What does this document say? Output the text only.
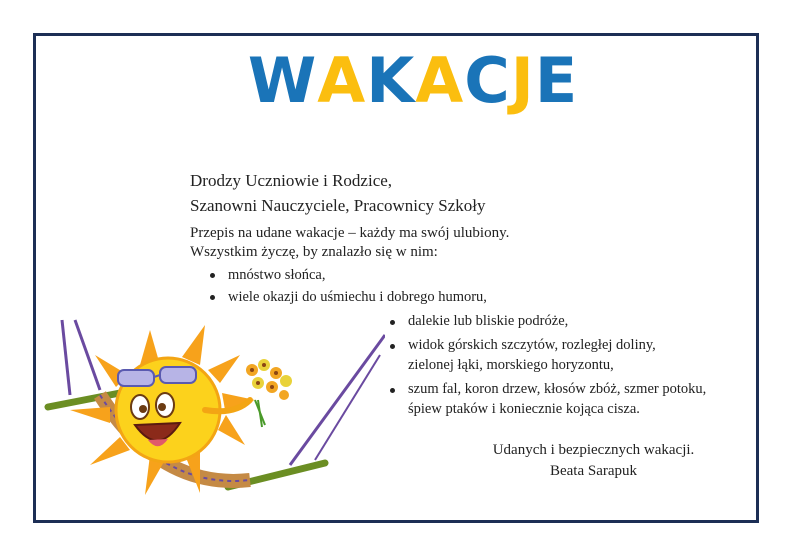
WAKACJE
Drodzy Uczniowie i Rodzice,
Szanowni Nauczyciele, Pracownicy Szkoły
Przepis na udane wakacje – każdy ma swój ulubiony.
Wszystkim życzę, by znalazło się w nim:
mnóstwo słońca,
wiele okazji do uśmiechu i dobrego humoru,
dalekie lub bliskie podróże,
widok górskich szczytów, rozległej doliny,
zielonej łąki, morskiego horyzontu,
szum fal, koron drzew, kłosów zbóż, szmer potoku,
śpiew ptaków i koniecznie kojąca cisza.
Udanych i bezpiecznych wakacji.
Beata Sarapuk
